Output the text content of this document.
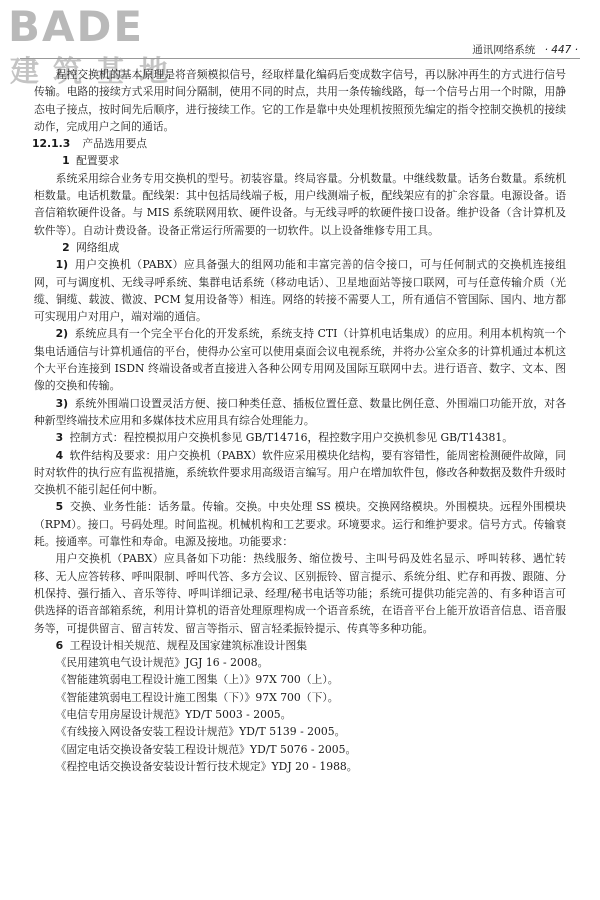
BADE
建筑基地
通讯网络系统 · 447 ·

程控交换机的基本原理是将音频模拟信号，经取样量化编码后变成数字信号，再以脉冲再生的方式进行信号传输。电路的接续方式采用时间分隔制，使用不同的时点，共用一条传输线路，每一个信号占用一个时隙，用静态电子接点，按时间先后顺序，进行接续工作。它的工作是靠中央处理机按照预先编定的指令控制交换机的接续动作，完成用户之间的通话。

12.1.3 产品选用要点

1 配置要求

系统采用综合业务专用交换机的型号。初装容量。终局容量。分机数量。中继线数量。话务台数量。系统机柜数量。电话机数量。配线架：其中包括局线端子板，用户线测端子板，配线架应有的扩余容量。电源设备。语音信箱软硬件设备。与 MIS 系统联网用软、硬件设备。与无线寻呼的软硬件接口设备。维护设备（含计算机及软件等）。自动计费设备。设备正常运行所需要的一切软件。以上设备维修专用工具。

2 网络组成

1) 用户交换机（PABX）应具备强大的组网功能和丰富完善的信令接口，可与任何制式的交换机连接组网，可与调度机、无线寻呼系统、集群电话系统（移动电话）、卫星地面站等接口联网，可与任意传输介质（光缆、铜缆、载波、微波、PCM 复用设备等）相连。网络的转接不需要人工，所有通信不管国际、国内、地方都可实现用户对用户，端对端的通信。

2) 系统应具有一个完全平台化的开发系统，系统支持 CTI（计算机电话集成）的应用。利用本机构筑一个集电话通信与计算机通信的平台，使得办公室可以使用桌面会议电视系统，并将办公室众多的计算机通过本机这个大平台连接到 ISDN 终端设备或者直接进入各种公网专用网及国际互联网中去。进行语音、数字、文本、图像的交换和传输。

3) 系统外围端口设置灵活方便、接口种类任意、插板位置任意、数量比例任意、外围端口功能开放，对各种新型终端技术应用和多媒体技术应用具有综合处理能力。

3 控制方式：程控模拟用户交换机参见 GB/T14716，程控数字用户交换机参见 GB/T14381。

4 软件结构及要求：用户交换机（PABX）软件应采用模块化结构，要有容错性，能周密检测硬件故障，同时对软件的执行应有监视措施，系统软件要求用高级语言编写。用户在增加软件包，修改各种数据及数件升级时交换机不能引起任何中断。

5 交换、业务性能：话务量。传输。交换。中央处理 SS 模块。交换网络模块。外围模块。远程外围模块（RPM）。接口。号码处理。时间监视。机械机构和工艺要求。环境要求。运行和维护要求。信号方式。传输衰耗。接通率。可靠性和寿命。电源及接地。功能要求：

用户交换机（PABX）应具备如下功能：热线服务、缩位拨号、主叫号码及姓名显示、呼叫转移、遇忙转移、无人应答转移、呼叫限制、呼叫代答、多方会议、区别振铃、留言提示、系统分组、贮存和再拨、跟随、分机保持、强行插入、音乐等待、呼叫详细记录、经理/秘书电话等功能；系统可提供功能完善的、有多种语言可供选择的语音部箱系统，利用计算机的语音处理原理构成一个语音系统，在语音平台上能开放语音信息、语音服务等，可提供留言、留言转发、留言等指示、留言轻柔振铃提示、传真等多种功能。

6 工程设计相关规范、规程及国家建筑标准设计图集

《民用建筑电气设计规范》JGJ 16 - 2008。

《智能建筑弱电工程设计施工图集（上）》97X 700（上）。

《智能建筑弱电工程设计施工图集（下）》97X 700（下）。

《电信专用房屋设计规范》YD/T 5003 - 2005。

《有线接入网设备安装工程设计规范》YD/T 5139 - 2005。

《固定电话交换设备安装工程设计规范》YD/T 5076 - 2005。

《程控电话交换设备安装设计暂行技术规定》YDJ 20 - 1988。
